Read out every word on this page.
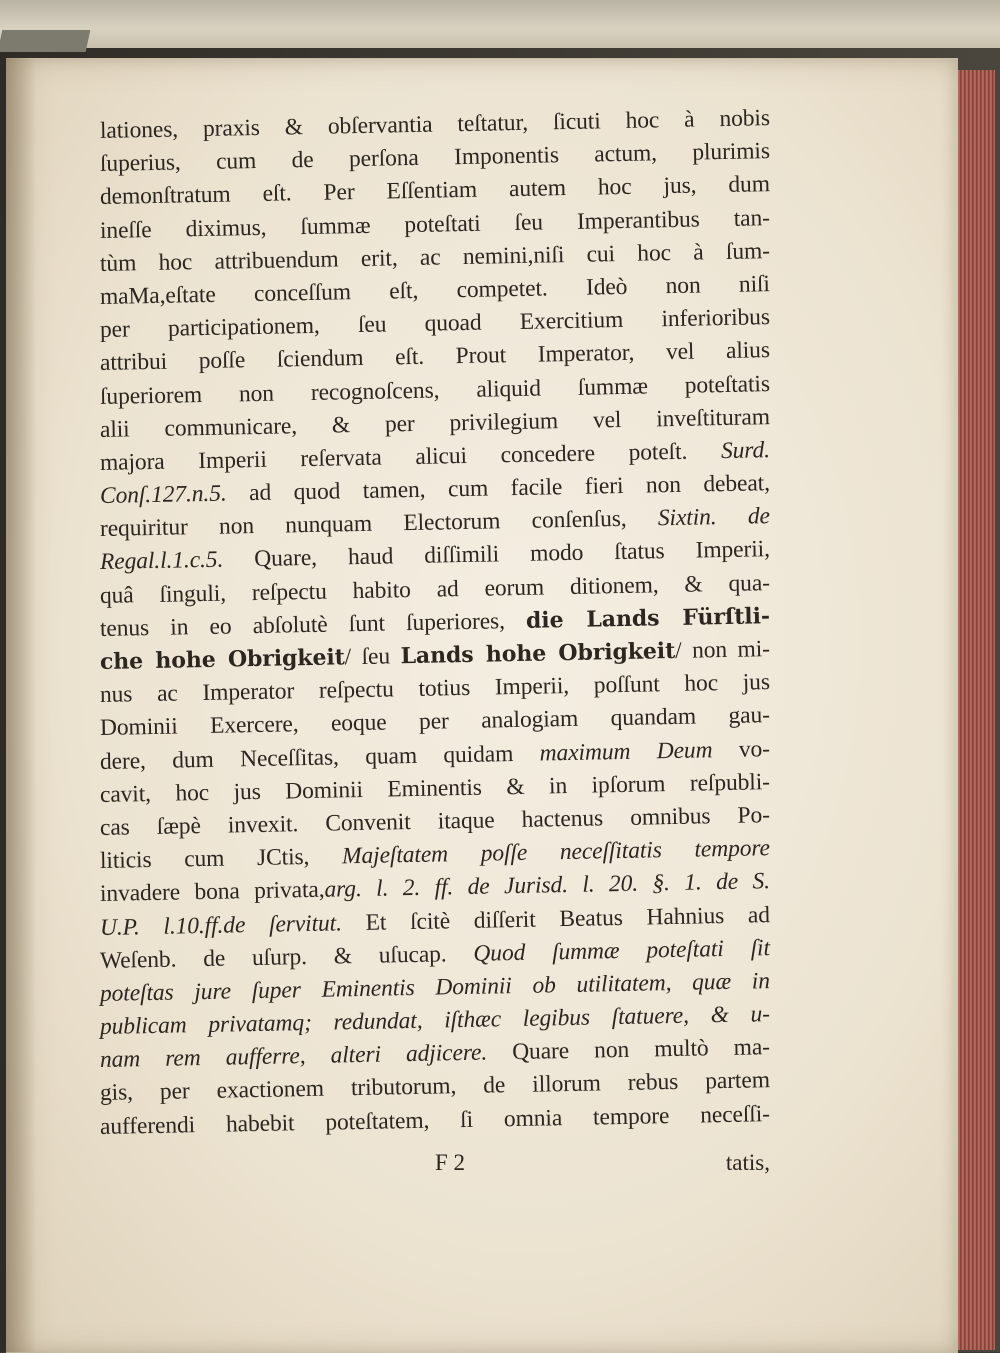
lationes, praxis & obſervantia teſtatur, ſicuti hoc à nobis
ſuperius, cum de perſona Imponentis actum, plurimis
demonſtratum eſt. Per Eſſentiam autem hoc jus, dum
ineſſe diximus, ſummæ poteſtati ſeu Imperantibus tan-
tùm hoc attribuendum erit, ac nemini,niſi cui hoc à ſum-
maMa,eſtate conceſſum eſt, competet. Ideò non niſi
per participationem, ſeu quoad Exercitium inferioribus
attribui poſſe ſciendum eſt. Prout Imperator, vel alius
ſuperiorem non recognoſcens, aliquid ſummæ poteſtatis
alii communicare, & per privilegium vel inveſtituram
majora Imperii reſervata alicui concedere poteſt. Surd.
Conſ.127.n.5. ad quod tamen, cum facile fieri non debeat,
requiritur non nunquam Electorum conſenſus, Sixtin. de
Regal.l.1.c.5. Quare, haud diſſimili modo ſtatus Imperii,
quâ ſinguli, reſpectu habito ad eorum ditionem, & qua-
tenus in eo abſolutè ſunt ſuperiores, die Lands Fürſtli-
che hohe Obrigkeit/ ſeu Lands hohe Obrigkeit/ non mi-
nus ac Imperator reſpectu totius Imperii, poſſunt hoc jus
Dominii Exercere, eoque per analogiam quandam gau-
dere, dum Neceſſitas, quam quidam maximum Deum vo-
cavit, hoc jus Dominii Eminentis & in ipſorum reſpubli-
cas ſæpè invexit. Convenit itaque hactenus omnibus Po-
liticis cum JCtis, Majeſtatem poſſe neceſſitatis tempore
invadere bona privata,arg. l. 2. ff. de Jurisd. l. 20. §. 1. de S.
U.P. l.10.ff.de ſervitut. Et ſcitè diſſerit Beatus Hahnius ad
Weſenb. de uſurp. & uſucap. Quod ſummæ poteſtati ſit
poteſtas jure ſuper Eminentis Dominii ob utilitatem, quæ in
publicam privatamq; redundat, iſthæc legibus ſtatuere, & u-
nam rem aufferre, alteri adjicere. Quare non multò ma-
gis, per exactionem tributorum, de illorum rebus partem
aufferendi habebit poteſtatem, ſi omnia tempore neceſſi-
F 2	tatis,
